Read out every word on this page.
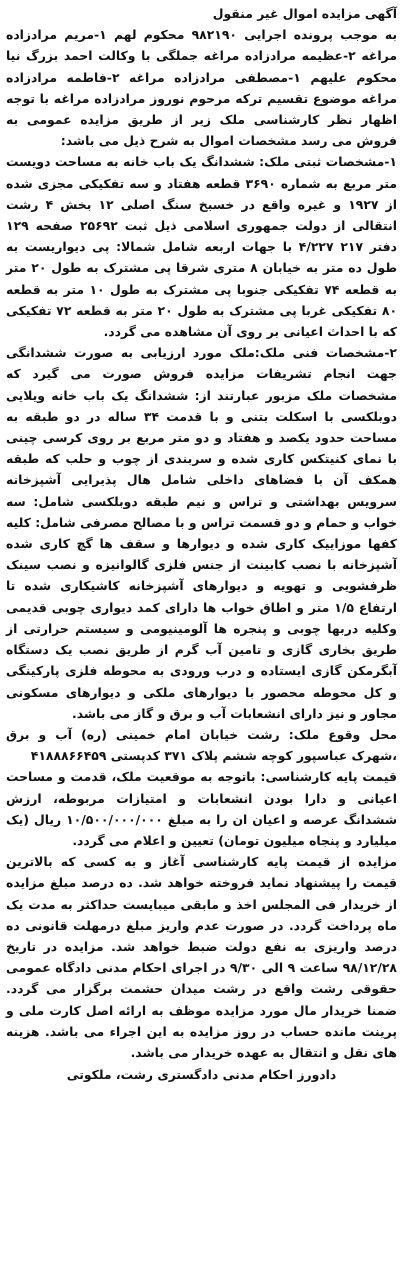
آگهی مزایده اموال غیر منقول

به موجب پرونده اجرایی ۹۸۲۱۹۰ محکوم لهم ۱-مریم مرادزاده مراغه ۲-عظیمه مرادزاده مراغه جملگی با وکالت احمد بزرگ نیا محکوم علیهم ۱-مصطفی مرادزاده مراغه ۲-فاطمه مرادزاده مراغه موضوع تقسیم ترکه مرحوم نوروز مرادزاده مراغه با توجه اظهار نظر کارشناسی ملک زیر از طریق مزایده عمومی به فروش می رسد مشخصات اموال به شرح ذیل می باشد:

۱-مشخصات ثبتی ملک: ششدانگ یک باب خانه به مساحت دویست متر مربع به شماره ۳۶۹۰ قطعه هفتاد و سه تفکیکی مجزی شده از ۱۹۲۷ و غیره واقع در خسبخ سنگ اصلی ۱۲ بخش ۴ رشت انتقالی از دولت جمهوری اسلامی ذیل ثبت ۲۵۶۹۲ صفحه ۱۲۹ دفتر ۲۱۷ ۴/۲۲۷ با جهات اربعه شامل شمالا: پی دیواریست به طول ده متر به خیابان ۸ متری شرقا پی مشترک به طول ۲۰ متر به قطعه ۷۴ تفکیکی جنوبا پی مشترک به طول ۱۰ متر به قطعه ۸۰ تفکیکی غربا پی مشترک به طول ۲۰ متر به قطعه ۷۲ تفکیکی که با احداث اعیانی بر روی آن مشاهده می گردد.

۲-مشخصات فنی ملک:ملک مورد ارزیابی به صورت ششدانگی جهت انجام تشریفات مزایده فروش صورت می گیرد که مشخصات ملک مزبور عبارتند از: ششدانگ یک باب خانه ویلایی دوبلکسی با اسکلت بتنی و با قدمت ۳۴ ساله در دو طبقه به مساحت حدود یکصد و هفتاد و دو متر مربع بر روی کرسی چینی با نمای کنیتکس کاری شده و سربندی از چوب و حلب که طبقه همکف آن با فضاهای داخلی شامل هال پذیرایی آشپزخانه سرویس بهداشتی و تراس و نیم طبقه دوبلکسی شامل: سه خواب و حمام و دو قسمت تراس و با مصالح مصرفی شامل: کلیه کفها موزاییک کاری شده و دیوارها و سقف ها گچ کاری شده آشپزخانه با نصب کابینت از جنس فلزی گالوانیزه و نصب سینک ظرفشویی و تهویه و دیوارهای آشپزخانه کاشیکاری شده تا ارتفاع ۱/۵ متر و اطاق خواب ها دارای کمد دیواری چوبی قدیمی وکلیه دربها چوبی و پنجره ها آلومینیومی و سیستم حرارتی از طریق بخاری گازی و تامین آب گرم از طریق نصب یک دستگاه آبگرمکن گازی ایستاده و درب ورودی به محوطه فلزی پارکینگی و کل محوطه محصور با دیوارهای ملکی و دیوارهای مسکونی مجاور و نیز دارای انشعابات آب و برق و گاز می باشد.

محل وقوع ملک: رشت خیابان امام خمینی (ره) آب و برق ،شهرک عباسپور کوچه ششم پلاک ۳۷۱ کدپستی ۴۱۸۸۸۶۶۴۵۹

قیمت پایه کارشناسی: باتوجه به موقعیت ملک، قدمت و مساحت اعیانی و دارا بودن انشعابات و امتیازات مربوطه، ارزش ششدانگ عرصه و اعیان ان را به مبلغ ۱۰/۵۰۰/۰۰۰/۰۰۰ ریال (یک میلیارد و پنجاه میلیون تومان) تعیین و اعلام می گردد.

مزایده از قیمت پایه کارشناسی آغاز و به کسی که بالاترین قیمت را پیشنهاد نماید فروخته خواهد شد. ده درصد مبلغ مزایده از خریدار فی المجلس اخذ و مابقی میبایست حداکثر به مدت یک ماه پرداخت گردد. در صورت عدم واریز مبلغ درمهلت قانونی ده درصد واریزی به نفع دولت ضبط خواهد شد. مزایده در تاریخ ۹۸/۱۲/۲۸ ساعت ۹ الی ۹/۳۰ در اجرای احکام مدنی دادگاه عمومی حقوقی رشت واقع در رشت میدان حشمت برگزار می گردد. ضمنا خریدار مال مورد مزایده موظف به ارائه اصل کارت ملی و پرینت مانده حساب در روز مزایده به این اجراء می باشد. هزینه های نقل و انتقال به عهده خریدار می باشد.

دادورز احکام مدنی دادگستری رشت، ملکوتی
